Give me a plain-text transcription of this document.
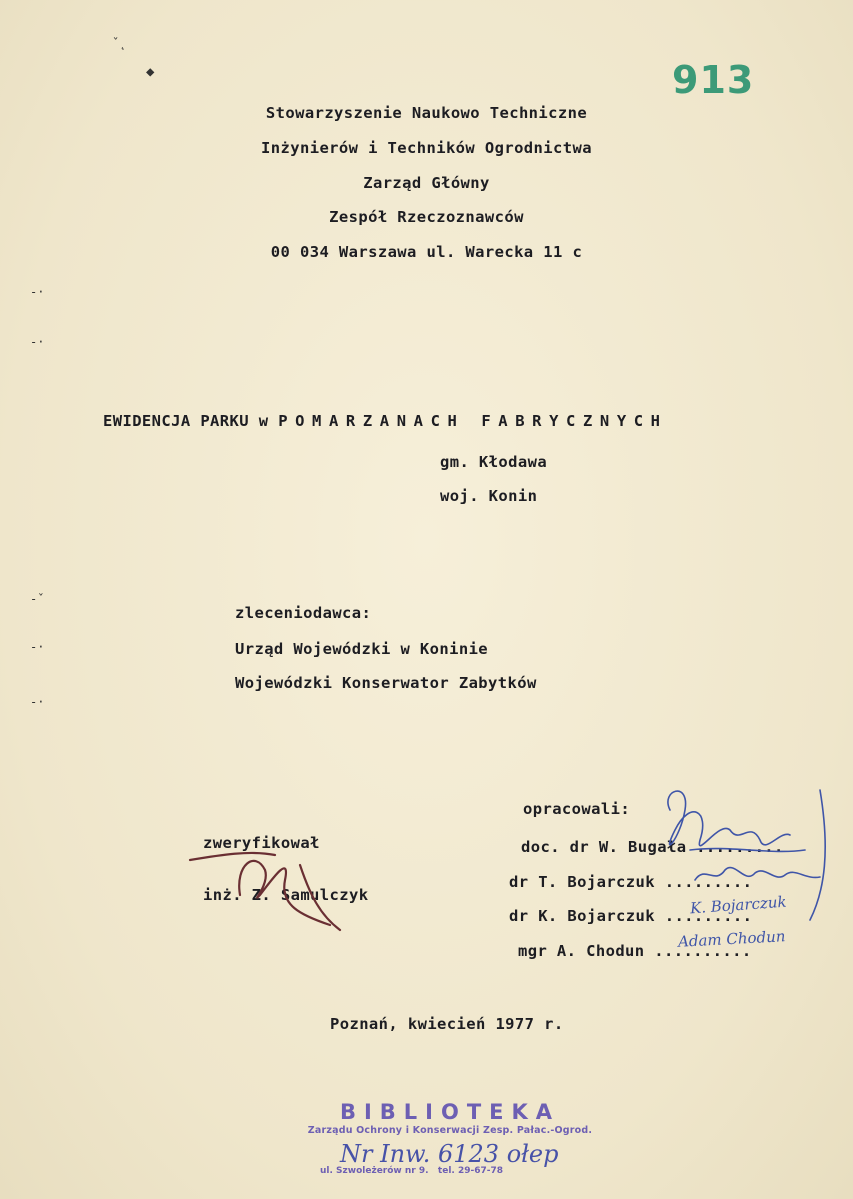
913
ˇ˛
◆
-·
-·
-ˇ
-·
-·
Stowarzyszenie Naukowo Techniczne
Inżynierów i Techników Ogrodnictwa
Zarząd Główny
Zespół Rzeczoznawców
00 034 Warszawa ul. Warecka 11 c
EWIDENCJA PARKU w POMARZANACH FABRYCZNYCH
gm. Kłodawa
woj. Konin
zleceniodawca:
Urząd Wojewódzki w Koninie
Wojewódzki Konserwator Zabytków
zweryfikował
inż. Z. Samulczyk
opracowali:
doc. dr W. Bugała .........
dr T. Bojarczuk .........
dr K. Bojarczuk .........
mgr A. Chodun ..........
K. Bojarczuk
Adam Chodun
Poznań, kwiecień 1977 r.
BIBLIOTEKA
Zarządu Ochrony i Konserwacji Zesp. Pałac.-Ogrod.
Nr Inw. 6123 ołep
ul. Szwoleżerów nr 9.   tel. 29-67-78
